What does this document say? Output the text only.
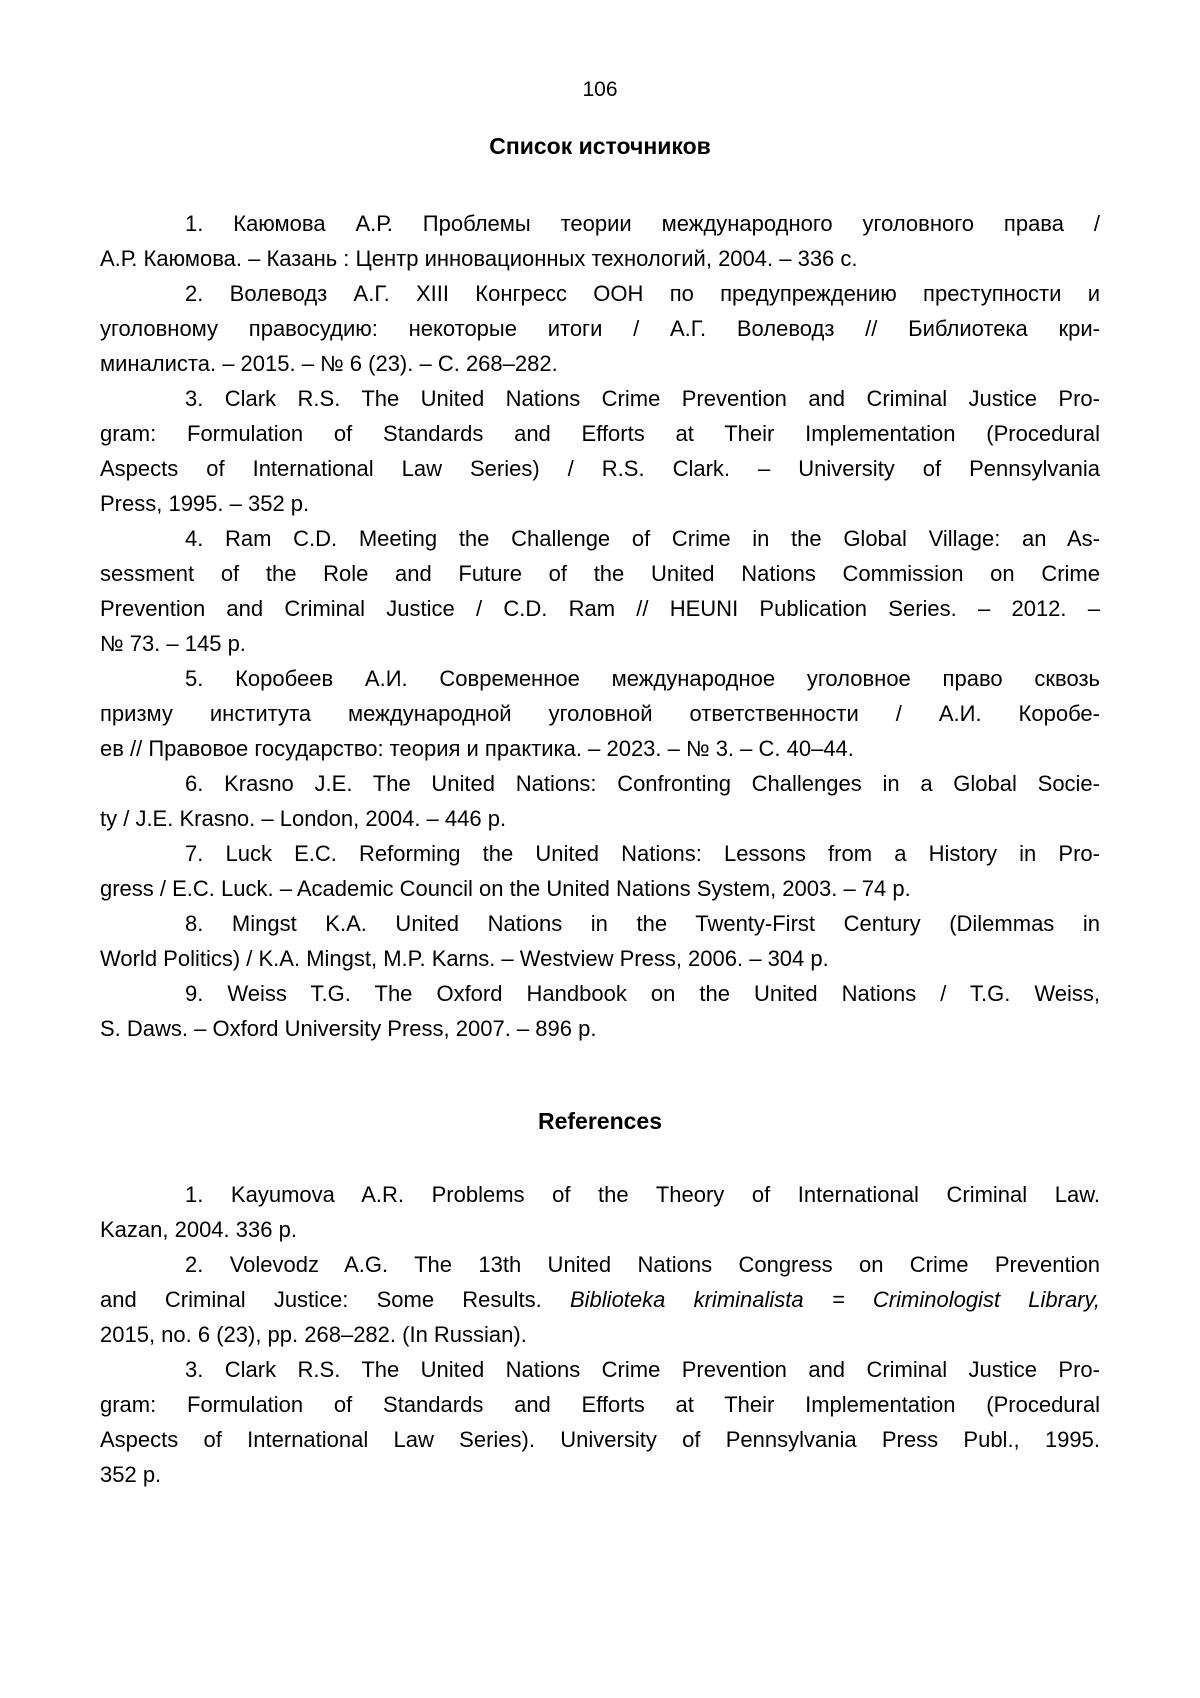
106
Список источников
1. Каюмова А.Р. Проблемы теории международного уголовного права /
А.Р. Каюмова. – Казань : Центр инновационных технологий, 2004. – 336 с.
2. Волеводз А.Г. XIII Конгресс ООН по предупреждению преступности и
уголовному правосудию: некоторые итоги / А.Г. Волеводз // Библиотека кри-
миналиста. – 2015. – № 6 (23). – С. 268–282.
3. Clark R.S. The United Nations Crime Prevention and Criminal Justice Pro-
gram: Formulation of Standards and Efforts at Their Implementation (Procedural
Aspects of International Law Series) / R.S. Clark. – University of Pennsylvania
Press, 1995. – 352 p.
4. Ram C.D. Meeting the Challenge of Crime in the Global Village: an As-
sessment of the Role and Future of the United Nations Commission on Crime
Prevention and Criminal Justice / C.D. Ram // HEUNI Publication Series. – 2012. –
№ 73. – 145 p.
5. Коробеев А.И. Современное международное уголовное право сквозь
призму института международной уголовной ответственности / А.И. Коробе-
ев // Правовое государство: теория и практика. – 2023. – № 3. – С. 40–44.
6. Krasno J.E. The United Nations: Confronting Challenges in a Global Socie-
ty / J.E. Krasno. – London, 2004. – 446 p.
7. Luck E.C. Reforming the United Nations: Lessons from a History in Pro-
gress / E.C. Luck. – Academic Council on the United Nations System, 2003. – 74 p.
8. Mingst K.A. United Nations in the Twenty-First Century (Dilemmas in
World Politics) / K.A. Mingst, M.P. Karns. – Westview Press, 2006. – 304 p.
9. Weiss T.G. The Oxford Handbook on the United Nations / T.G. Weiss,
S. Daws. – Oxford University Press, 2007. – 896 p.
References
1. Kayumova A.R. Problems of the Theory of International Criminal Law.
Kazan, 2004. 336 p.
2. Volevodz A.G. The 13th United Nations Congress on Crime Prevention
and Criminal Justice: Some Results. Biblioteka kriminalista = Criminologist Library,
2015, no. 6 (23), pp. 268–282. (In Russian).
3. Clark R.S. The United Nations Crime Prevention and Criminal Justice Pro-
gram: Formulation of Standards and Efforts at Their Implementation (Procedural
Aspects of International Law Series). University of Pennsylvania Press Publ., 1995.
352 p.
